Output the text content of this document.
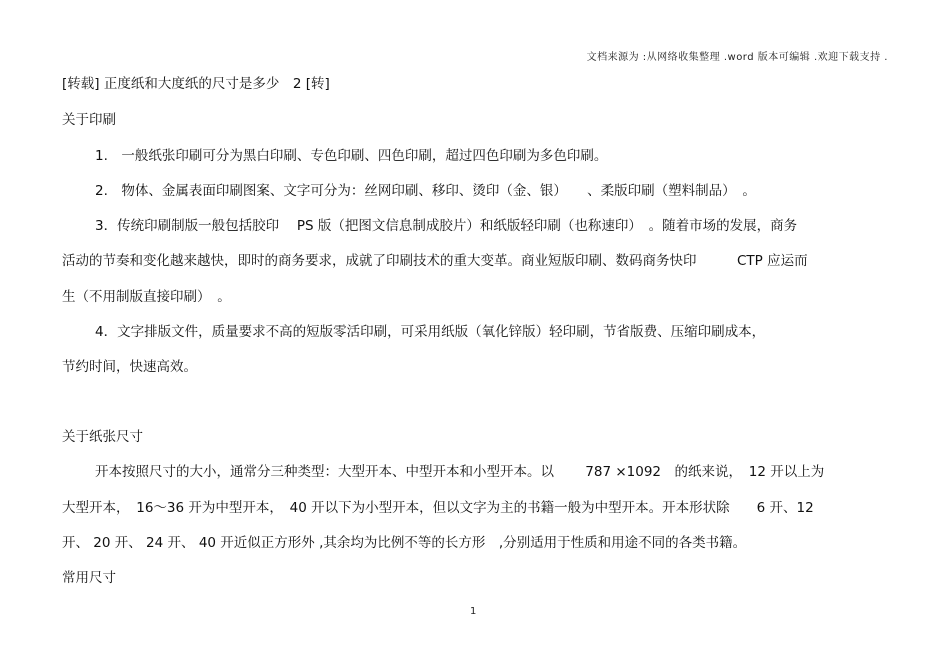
文档来源为 :从网络收集整理 .word 版本可编辑 .欢迎下载支持 .
[转载] 正度纸和大度纸的尺寸是多少　2 [转]
关于印刷
1.　一般纸张印刷可分为黑白印刷、专色印刷、四色印刷，超过四色印刷为多色印刷。
2.　物体、金属表面印刷图案、文字可分为：丝网印刷、移印、烫印（金、银）　　、柔版印刷（塑料制品）　。
3．传统印刷制版一般包括胶印　 PS 版（把图文信息制成胶片）和纸版轻印刷（也称速印）　。随着市场的发展，商务
活动的节奏和变化越来越快，即时的商务要求，成就了印刷技术的重大变革。商业短版印刷、数码商务快印　　　CTP 应运而
生（不用制版直接印刷）　。
4．文字排版文件，质量要求不高的短版零活印刷，可采用纸版（氧化锌版）轻印刷，节省版费、压缩印刷成本，
节约时间，快速高效。
关于纸张尺寸
开本按照尺寸的大小，通常分三种类型：大型开本、中型开本和小型开本。以　　 787 ×1092　的纸来说，　12 开以上为
大型开本，　16～36 开为中型开本，　40 开以下为小型开本，但以文字为主的书籍一般为中型开本。开本形状除　　6 开、12
开、 20 开、 24 开、 40 开近似正方形外 ,其余均为比例不等的长方形　,分别适用于性质和用途不同的各类书籍。
常用尺寸
1
